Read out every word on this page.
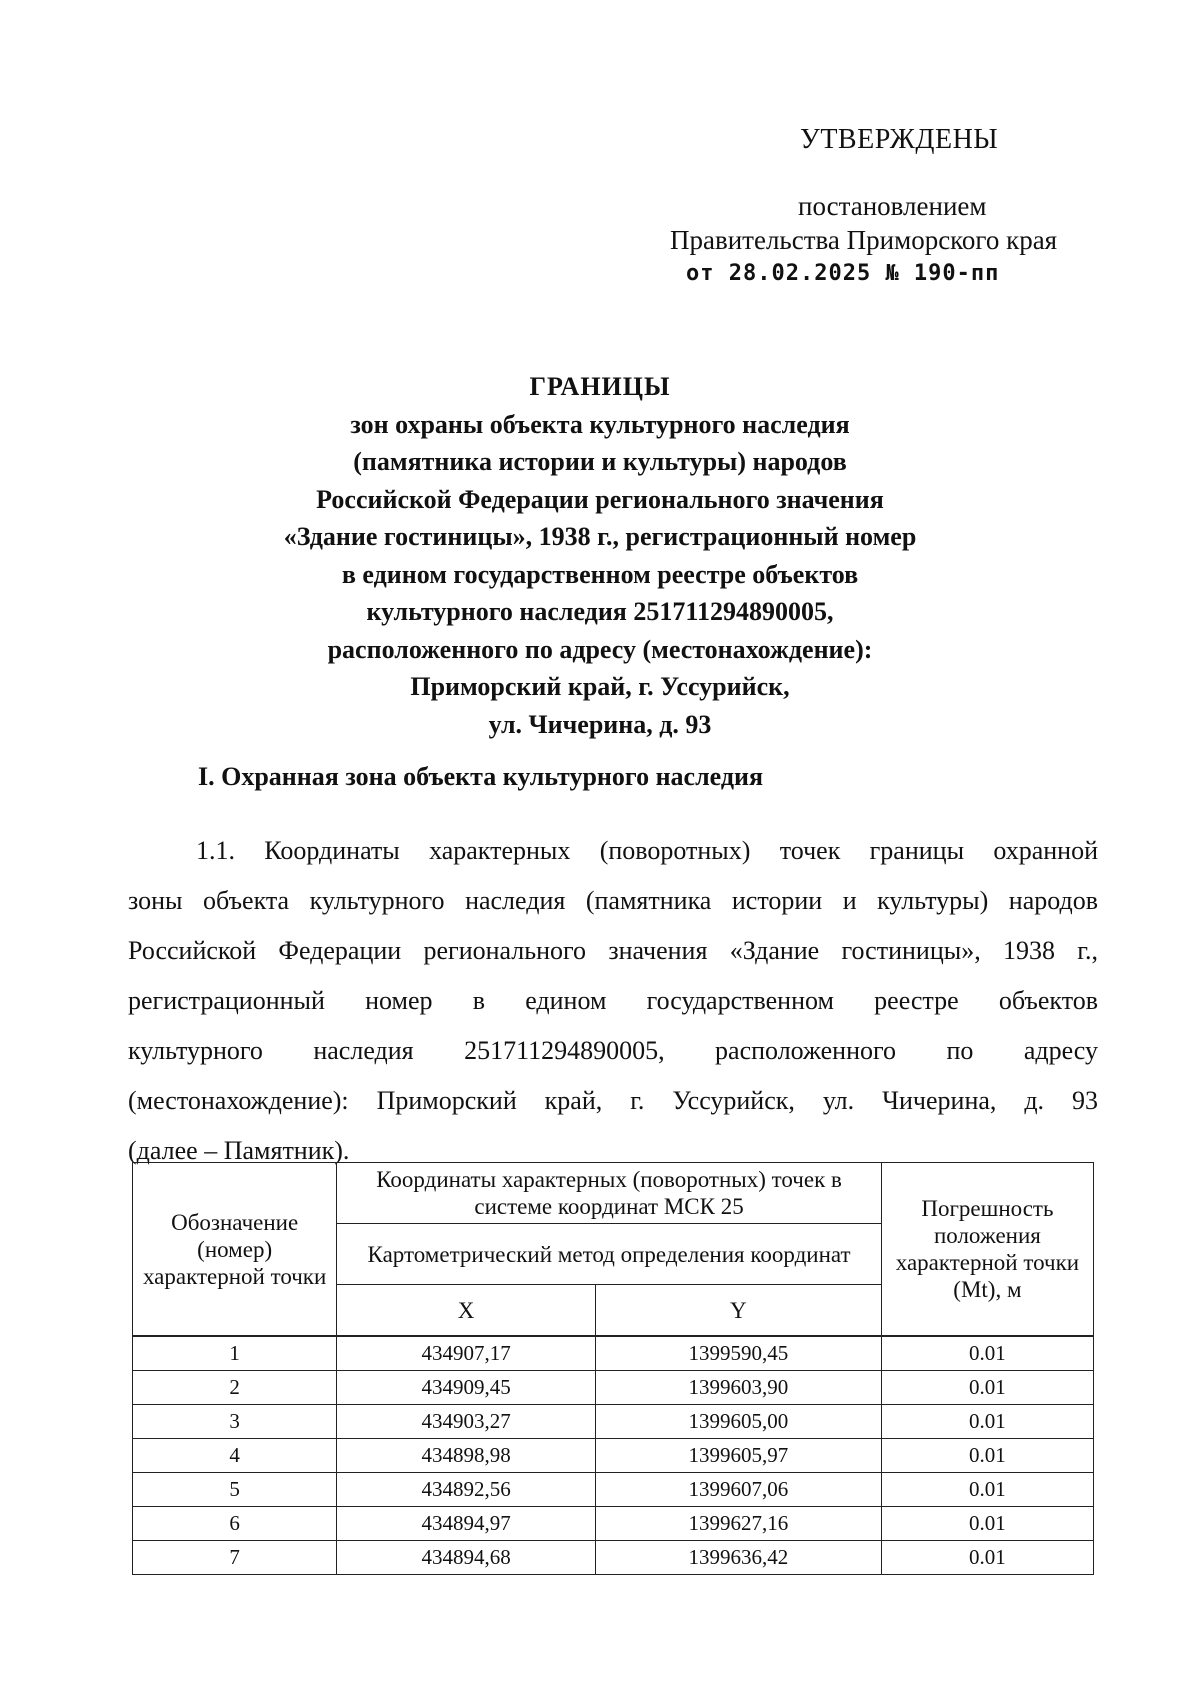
УТВЕРЖДЕНЫ
постановлением
Правительства Приморского края
от 28.02.2025 № 190-пп
ГРАНИЦЫ
зон охраны объекта культурного наследия
(памятника истории и культуры) народов
Российской Федерации регионального значения
«Здание гостиницы», 1938 г., регистрационный номер
в едином государственном реестре объектов
культурного наследия 251711294890005,
расположенного по адресу (местонахождение):
Приморский край, г. Уссурийск,
ул. Чичерина, д. 93
I. Охранная зона объекта культурного наследия
1.1. Координаты характерных (поворотных) точек границы охранной
зоны объекта культурного наследия (памятника истории и культуры) народов
Российской Федерации регионального значения «Здание гостиницы», 1938 г.,
регистрационный номер в едином государственном реестре объектов
культурного наследия 251711294890005, расположенного по адресу
(местонахождение): Приморский край, г. Уссурийск, ул. Чичерина, д. 93
(далее – Памятник).
Обозначение (номер) характерной точки	Координаты характерных (поворотных) точек в системе координат МСК 25		Погрешность положения характерной точки (Mt), м
	Картометрический метод определения координат		
	X	Y	
1	434907,17	1399590,45	0.01
2	434909,45	1399603,90	0.01
3	434903,27	1399605,00	0.01
4	434898,98	1399605,97	0.01
5	434892,56	1399607,06	0.01
6	434894,97	1399627,16	0.01
7	434894,68	1399636,42	0.01
